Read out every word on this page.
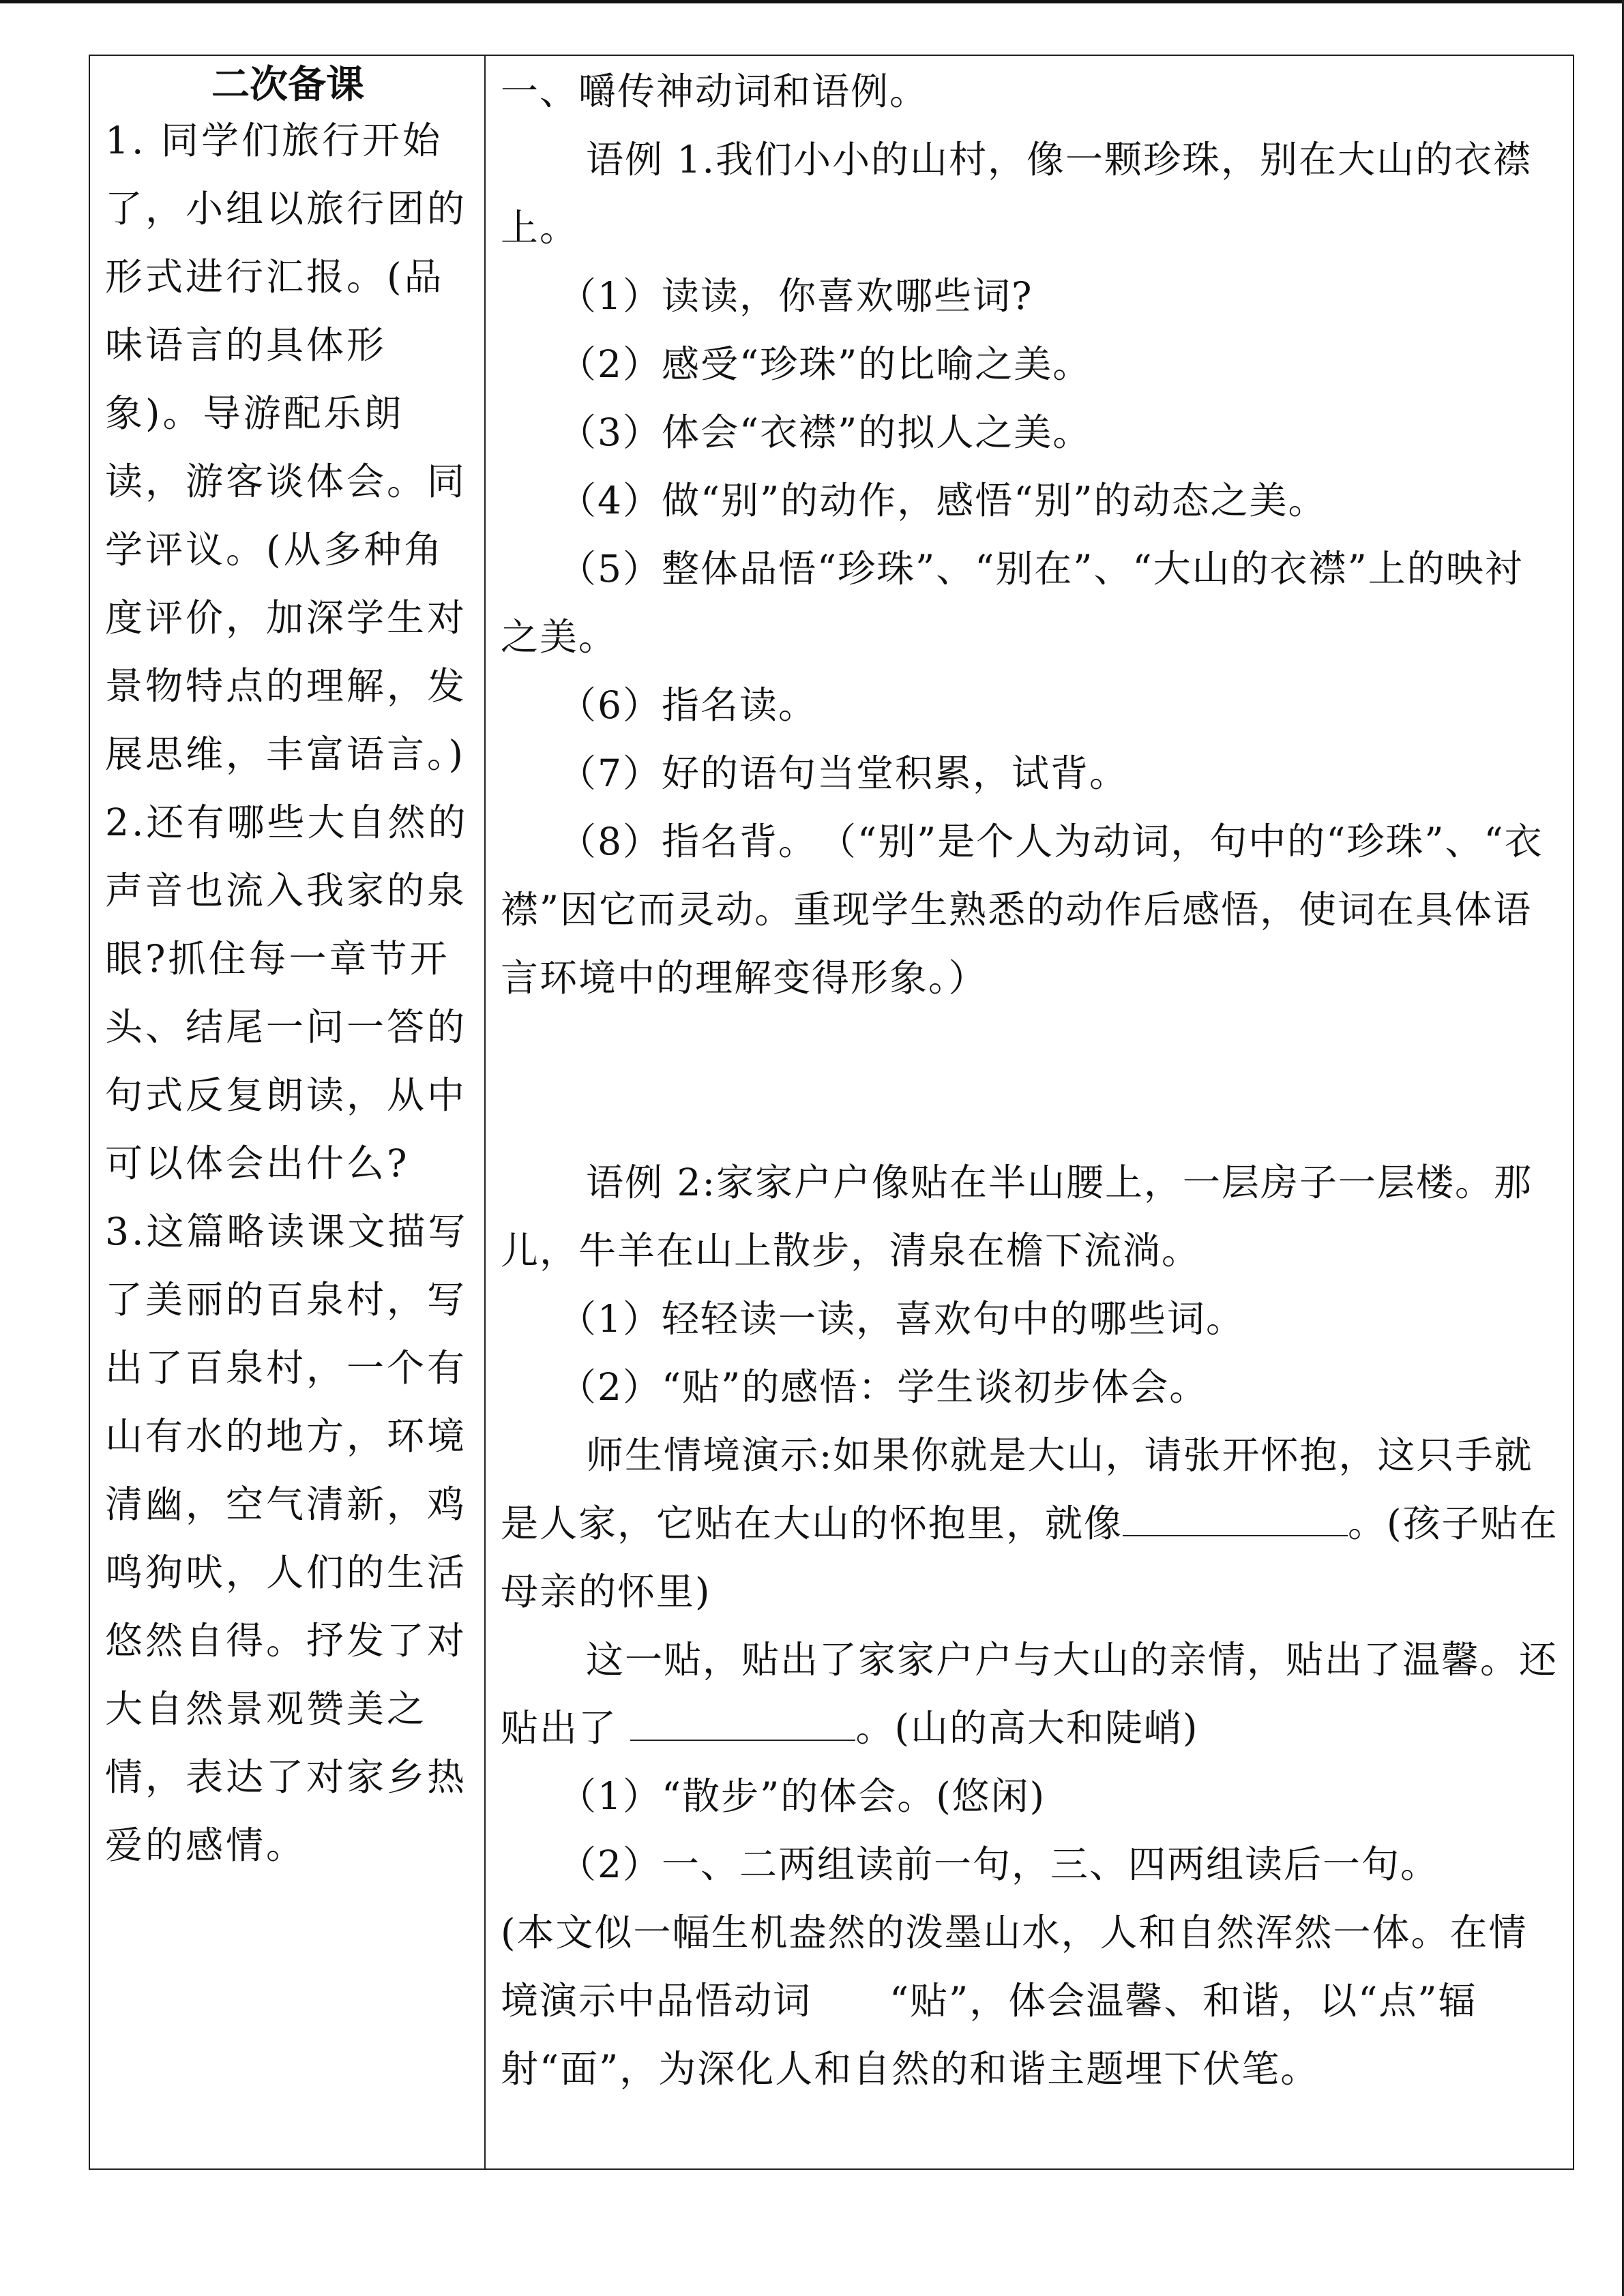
二次备课

1. 同学们旅行开始了，小组以旅行团的形式进行汇报。(品味语言的具体形象)。导游配乐朗读，游客谈体会。同学评议。(从多种角度评价，加深学生对景物特点的理解，发展思维，丰富语言。)

2.还有哪些大自然的声音也流入我家的泉眼?抓住每一章节开头、结尾一问一答的句式反复朗读，从中可以体会出什么?

3.这篇略读课文描写了美丽的百泉村，写出了百泉村，一个有山有水的地方，环境清幽，空气清新，鸡鸣狗吠，人们的生活悠然自得。抒发了对大自然景观赞美之情，表达了对家乡热爱的感情。

一、嚼传神动词和语例。

语例 1.我们小小的山村，像一颗珍珠，别在大山的衣襟上。

（1）读读，你喜欢哪些词?

（2）感受“珍珠”的比喻之美。

（3）体会“衣襟”的拟人之美。

（4）做“别”的动作，感悟“别”的动态之美。

（5）整体品悟“珍珠”、“别在”、“大山的衣襟”上的映衬之美。

（6）指名读。

（7）好的语句当堂积累，试背。

（8）指名背。　（“别”是个人为动词，句中的“珍珠”、“衣襟”因它而灵动。重现学生熟悉的动作后感悟，使词在具体语言环境中的理解变得形象。）

语例 2:家家户户像贴在半山腰上，一层房子一层楼。那儿，牛羊在山上散步，清泉在檐下流淌。

（1）轻轻读一读，喜欢句中的哪些词。

（2）“贴”的感悟：学生谈初步体会。

师生情境演示:如果你就是大山，请张开怀抱，这只手就是人家，它贴在大山的怀抱里，就像	。(孩子贴在母亲的怀里)

这一贴，贴出了家家户户与大山的亲情，贴出了温馨。还贴出了	。(山的高大和陡峭)

（1）“散步”的体会。(悠闲)

（2）一、二两组读前一句，三、四两组读后一句。

(本文似一幅生机盎然的泼墨山水，人和自然浑然一体。在情境演示中品悟动词　　“贴”，体会温馨、和谐，以“点”辐射“面”，为深化人和自然的和谐主题埋下伏笔。
